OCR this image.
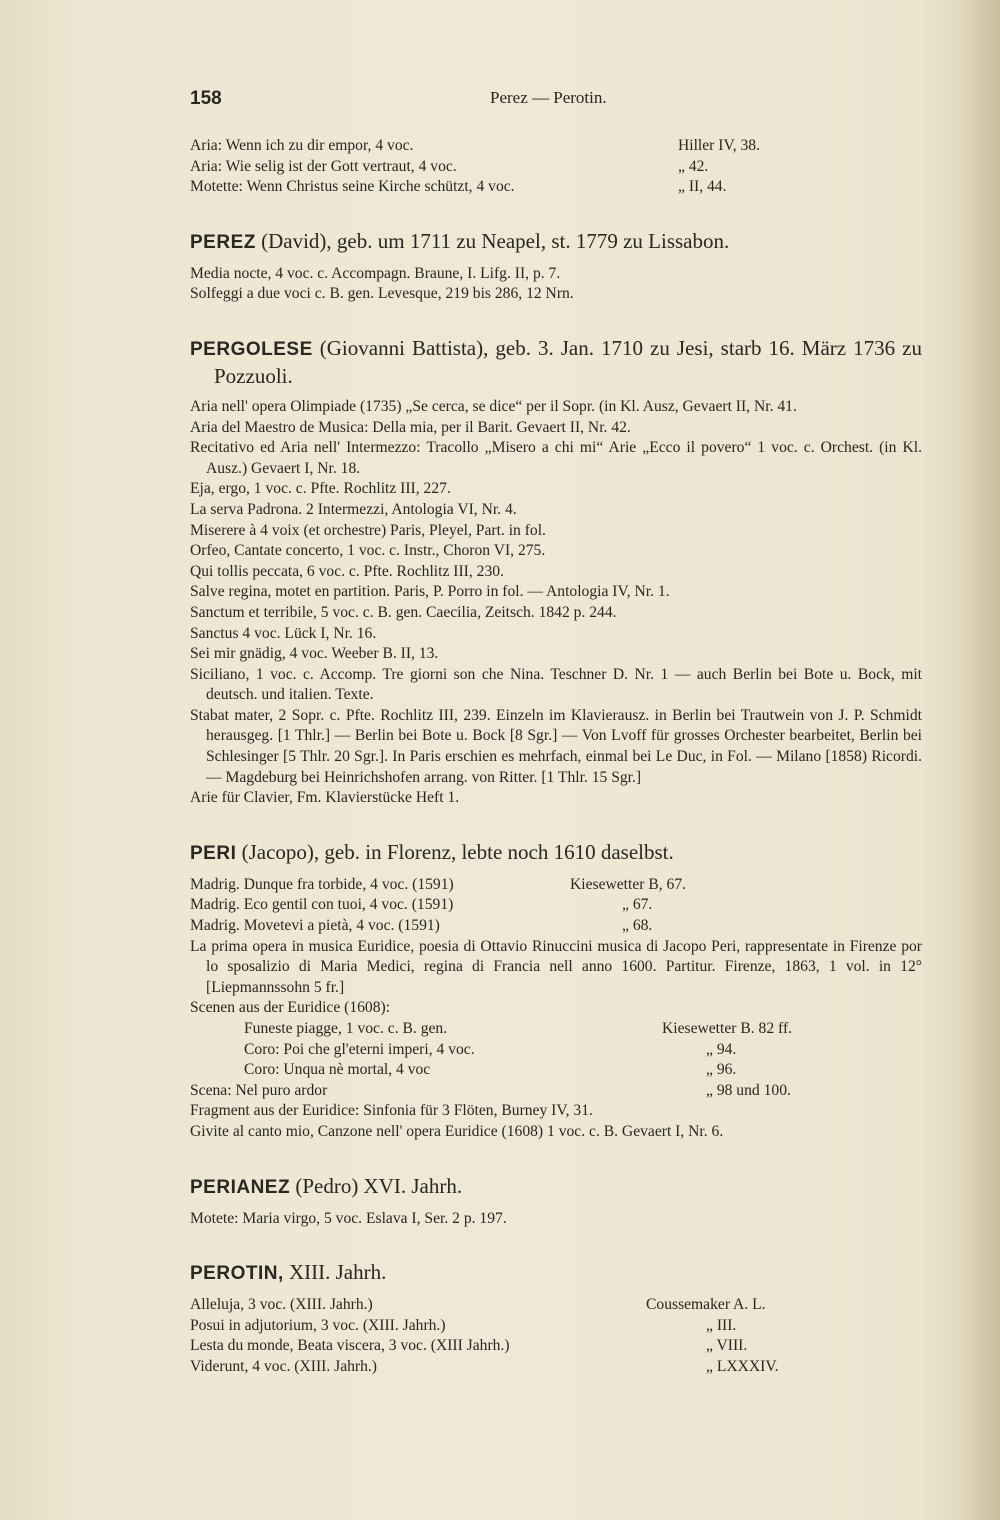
158	Perez — Perotin.

Aria: Wenn ich zu dir empor, 4 voc.	Hiller IV, 38.

Aria: Wie selig ist der Gott vertraut, 4 voc.	„ 42.

Motette: Wenn Christus seine Kirche schützt, 4 voc.	„ II, 44.

PEREZ (David), geb. um 1711 zu Neapel, st. 1779 zu Lissabon.

Media nocte, 4 voc. c. Accompagn. Braune, I. Lifg. II, p. 7.

Solfeggi a due voci c. B. gen. Levesque, 219 bis 286, 12 Nrn.

PERGOLESE (Giovanni Battista), geb. 3. Jan. 1710 zu Jesi, starb 16. März 1736 zu Pozzuoli.

Aria nell' opera Olimpiade (1735) „Se cerca, se dice“ per il Sopr. (in Kl. Ausz, Gevaert II, Nr. 41.

Aria del Maestro de Musica: Della mia, per il Barit. Gevaert II, Nr. 42.

Recitativo ed Aria nell' Intermezzo: Tracollo „Misero a chi mi“ Arie „Ecco il povero“ 1 voc. c. Orchest. (in Kl. Ausz.) Gevaert I, Nr. 18.

Eja, ergo, 1 voc. c. Pfte. Rochlitz III, 227.

La serva Padrona. 2 Intermezzi, Antologia VI, Nr. 4.

Miserere à 4 voix (et orchestre) Paris, Pleyel, Part. in fol.

Orfeo, Cantate concerto, 1 voc. c. Instr., Choron VI, 275.

Qui tollis peccata, 6 voc. c. Pfte. Rochlitz III, 230.

Salve regina, motet en partition. Paris, P. Porro in fol. — Antologia IV, Nr. 1.

Sanctum et terribile, 5 voc. c. B. gen. Caecilia, Zeitsch. 1842 p. 244.

Sanctus 4 voc. Lück I, Nr. 16.

Sei mir gnädig, 4 voc. Weeber B. II, 13.

Siciliano, 1 voc. c. Accomp. Tre giorni son che Nina. Teschner D. Nr. 1 — auch Berlin bei Bote u. Bock, mit deutsch. und italien. Texte.

Stabat mater, 2 Sopr. c. Pfte. Rochlitz III, 239. Einzeln im Klavierausz. in Berlin bei Trautwein von J. P. Schmidt herausgeg. [1 Thlr.] — Berlin bei Bote u. Bock [8 Sgr.] — Von Lvoff für grosses Orchester bearbeitet, Berlin bei Schlesinger [5 Thlr. 20 Sgr.]. In Paris erschien es mehrfach, einmal bei Le Duc, in Fol. — Milano [1858) Ricordi. — Magdeburg bei Heinrichshofen arrang. von Ritter. [1 Thlr. 15 Sgr.]

Arie für Clavier, Fm. Klavierstücke Heft 1.

PERI (Jacopo), geb. in Florenz, lebte noch 1610 daselbst.

Madrig. Dunque fra torbide, 4 voc. (1591)	Kiesewetter B, 67.

Madrig. Eco gentil con tuoi, 4 voc. (1591)	„ 67.

Madrig. Movetevi a pietà, 4 voc. (1591)	„ 68.

La prima opera in musica Euridice, poesia di Ottavio Rinuccini musica di Jacopo Peri, rappresentate in Firenze por lo sposalizio di Maria Medici, regina di Francia nell anno 1600. Partitur. Firenze, 1863, 1 vol. in 12° [Liepmannssohn 5 fr.]

Scenen aus der Euridice (1608):

Funeste piagge, 1 voc. c. B. gen.	Kiesewetter B. 82 ff.

Coro: Poi che gl'eterni imperi, 4 voc.	„ 94.

Coro: Unqua nè mortal, 4 voc	„ 96.

Scena: Nel puro ardor	„ 98 und 100.

Fragment aus der Euridice: Sinfonia für 3 Flöten, Burney IV, 31.

Givite al canto mio, Canzone nell' opera Euridice (1608) 1 voc. c. B. Gevaert I, Nr. 6.

PERIANEZ (Pedro) XVI. Jahrh.

Motete: Maria virgo, 5 voc. Eslava I, Ser. 2 p. 197.

PEROTIN, XIII. Jahrh.

Alleluja, 3 voc. (XIII. Jahrh.)	Coussemaker A. L.

Posui in adjutorium, 3 voc. (XIII. Jahrh.)	„ III.

Lesta du monde, Beata viscera, 3 voc. (XIII Jahrh.)	„ VIII.

Viderunt, 4 voc. (XIII. Jahrh.)	„ LXXXIV.
